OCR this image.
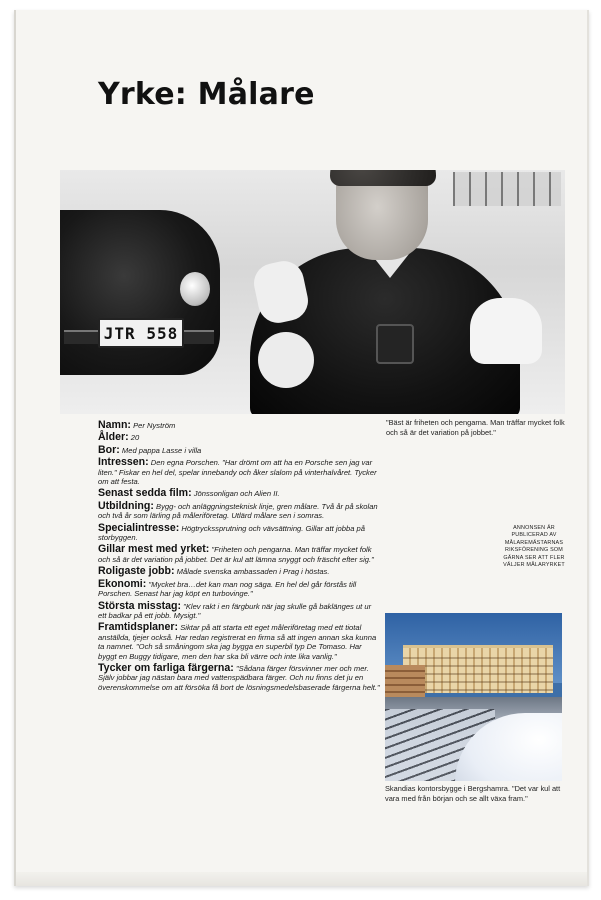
Yrke: Målare
JTR 558

"Bäst är friheten och pengarna. Man träffar mycket folk och så är det variation på jobbet."

Namn: Per Nyström

Ålder: 20

Bor: Med pappa Lasse i villa

Intressen: Den egna Porschen. "Har drömt om att ha en Porsche sen jag var liten." Fiskar en hel del, spelar innebandy och åker slalom på vinterhalvåret. Tycker om att festa.

Senast sedda film: Jönssonligan och Alien II.

Utbildning: Bygg- och anläggningsteknisk linje, gren målare. Två år på skolan och två år som lärling på måleriföretag. Utlärd målare sen i somras.

Specialintresse: Högtryckssprutning och vävsättning. Gillar att jobba på storbyggen.

Gillar mest med yrket: "Friheten och pengarna. Man träffar mycket folk och så är det variation på jobbet. Det är kul att lämna snyggt och fräscht efter sig."

Roligaste jobb: Målade svenska ambassaden i Prag i höstas.

Ekonomi: "Mycket bra…det kan man nog säga. En hel del går förstås till Porschen. Senast har jag köpt en turbovinge."

Största misstag: "Klev rakt i en färgburk när jag skulle gå baklänges ut ur ett badkar på ett jobb. Mysigt."

Framtidsplaner: Siktar på att starta ett eget måleriföretag med ett tiotal anställda, tjejer också. Har redan registrerat en firma så att ingen annan ska kunna ta namnet. "Och så småningom ska jag bygga en superbil typ De Tomaso. Har byggt en Buggy tidigare, men den har ska bli värre och inte lika vanlig."

Tycker om farliga färgerna: "Sådana färger försvinner mer och mer. Själv jobbar jag nästan bara med vattenspädbara färger. Och nu finns det ju en överenskommelse om att försöka få bort de lösningsmedelsbaserade färgerna helt."

ANNONSEN ÄR PUBLICERAD AV MÅLAREMÄSTARNAS RIKSFÖRENING SOM GÄRNA SER ATT FLER VÄLJER MÅLARYRKET

Skandias kontorsbygge i Bergshamra. "Det var kul att vara med från början och se allt växa fram."
